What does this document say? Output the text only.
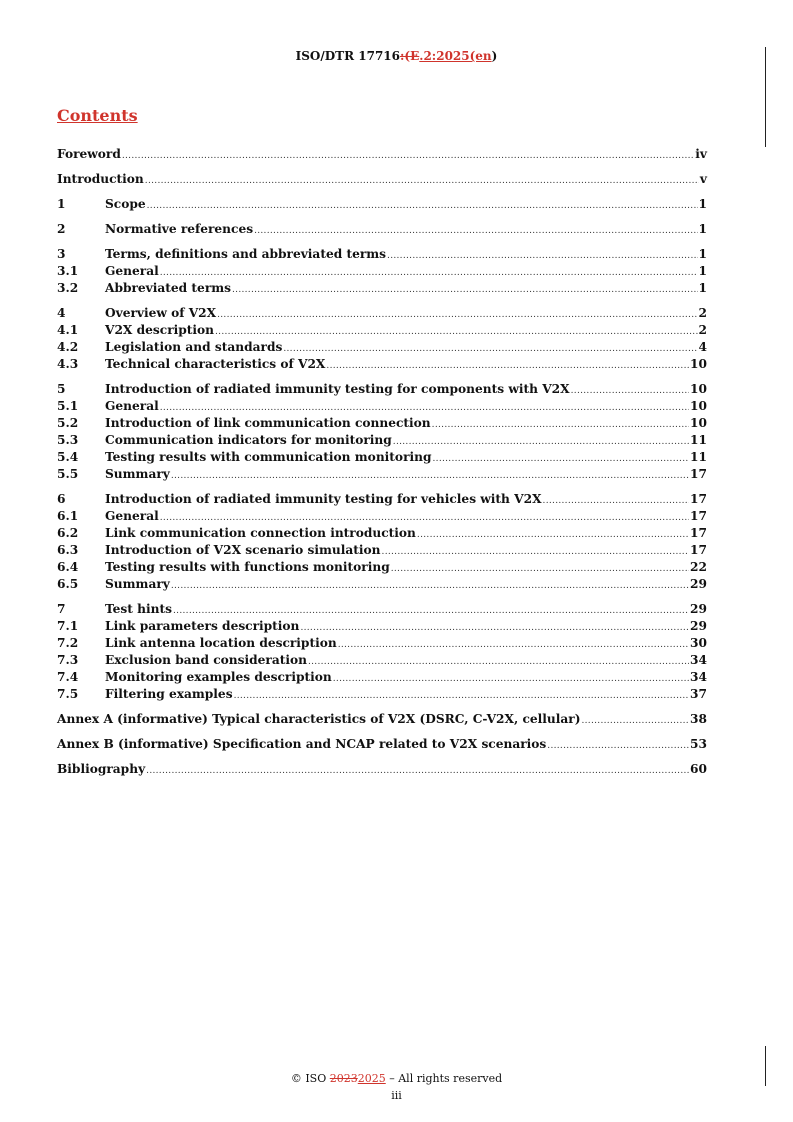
ISO/DTR 17716:(E.2:2025(en)
Contents
Foreword .....	iv
Introduction .....	v
1	Scope .....	1
2	Normative references .....	1
3	Terms, definitions and abbreviated terms .....	1
3.1	General .....	1
3.2	Abbreviated terms .....	1
4	Overview of V2X .....	2
4.1	V2X description .....	2
4.2	Legislation and standards .....	4
4.3	Technical characteristics of V2X .....	10
5	Introduction of radiated immunity testing for components with V2X .....	10
5.1	General .....	10
5.2	Introduction of link communication connection .....	10
5.3	Communication indicators for monitoring .....	11
5.4	Testing results with communication monitoring .....	11
5.5	Summary .....	17
6	Introduction of radiated immunity testing for vehicles with V2X .....	17
6.1	General .....	17
6.2	Link communication connection introduction .....	17
6.3	Introduction of V2X scenario simulation .....	17
6.4	Testing results with functions monitoring .....	22
6.5	Summary .....	29
7	Test hints .....	29
7.1	Link parameters description .....	29
7.2	Link antenna location description .....	30
7.3	Exclusion band consideration .....	34
7.4	Monitoring examples description .....	34
7.5	Filtering examples .....	37
Annex A (informative) Typical characteristics of V2X (DSRC, C-V2X, cellular) .....	38
Annex B (informative) Specification and NCAP related to V2X scenarios .....	53
Bibliography .....	60
© ISO 20232025 – All rights reserved
iii
